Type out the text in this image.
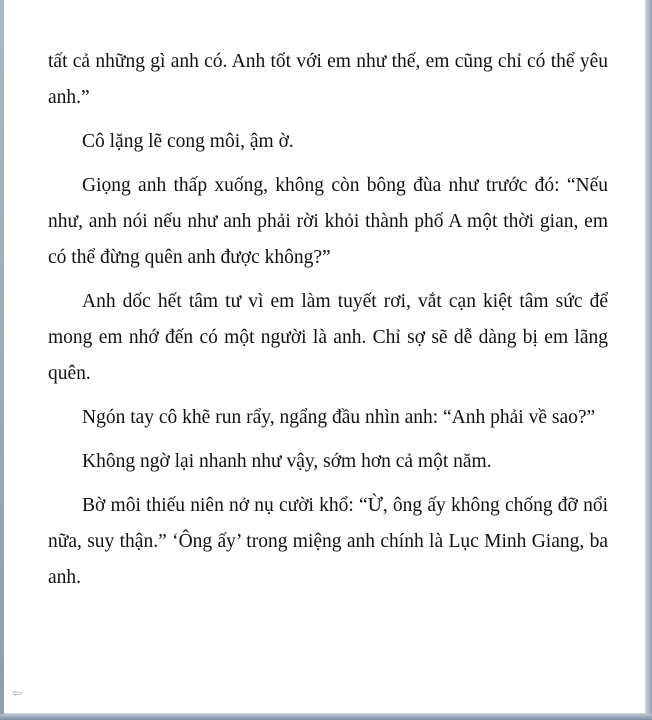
tất cả những gì anh có. Anh tốt với em như thế, em cũng chỉ có thể yêu anh.”

Cô lặng lẽ cong môi, ậm ờ.

Giọng anh thấp xuống, không còn bông đùa như trước đó: “Nếu như, anh nói nếu như anh phải rời khỏi thành phố A một thời gian, em có thể đừng quên anh được không?”

Anh dốc hết tâm tư vì em làm tuyết rơi, vắt cạn kiệt tâm sức để mong em nhớ đến có một người là anh. Chỉ sợ sẽ dễ dàng bị em lãng quên.

Ngón tay cô khẽ run rẩy, ngẩng đầu nhìn anh: “Anh phải về sao?”

Không ngờ lại nhanh như vậy, sớm hơn cả một năm.

Bờ môi thiếu niên nở nụ cười khổ: “Ừ, ông ấy không chống đỡ nổi nữa, suy thận.” ‘Ông ấy’ trong miệng anh chính là Lục Minh Giang, ba anh.

⇦
